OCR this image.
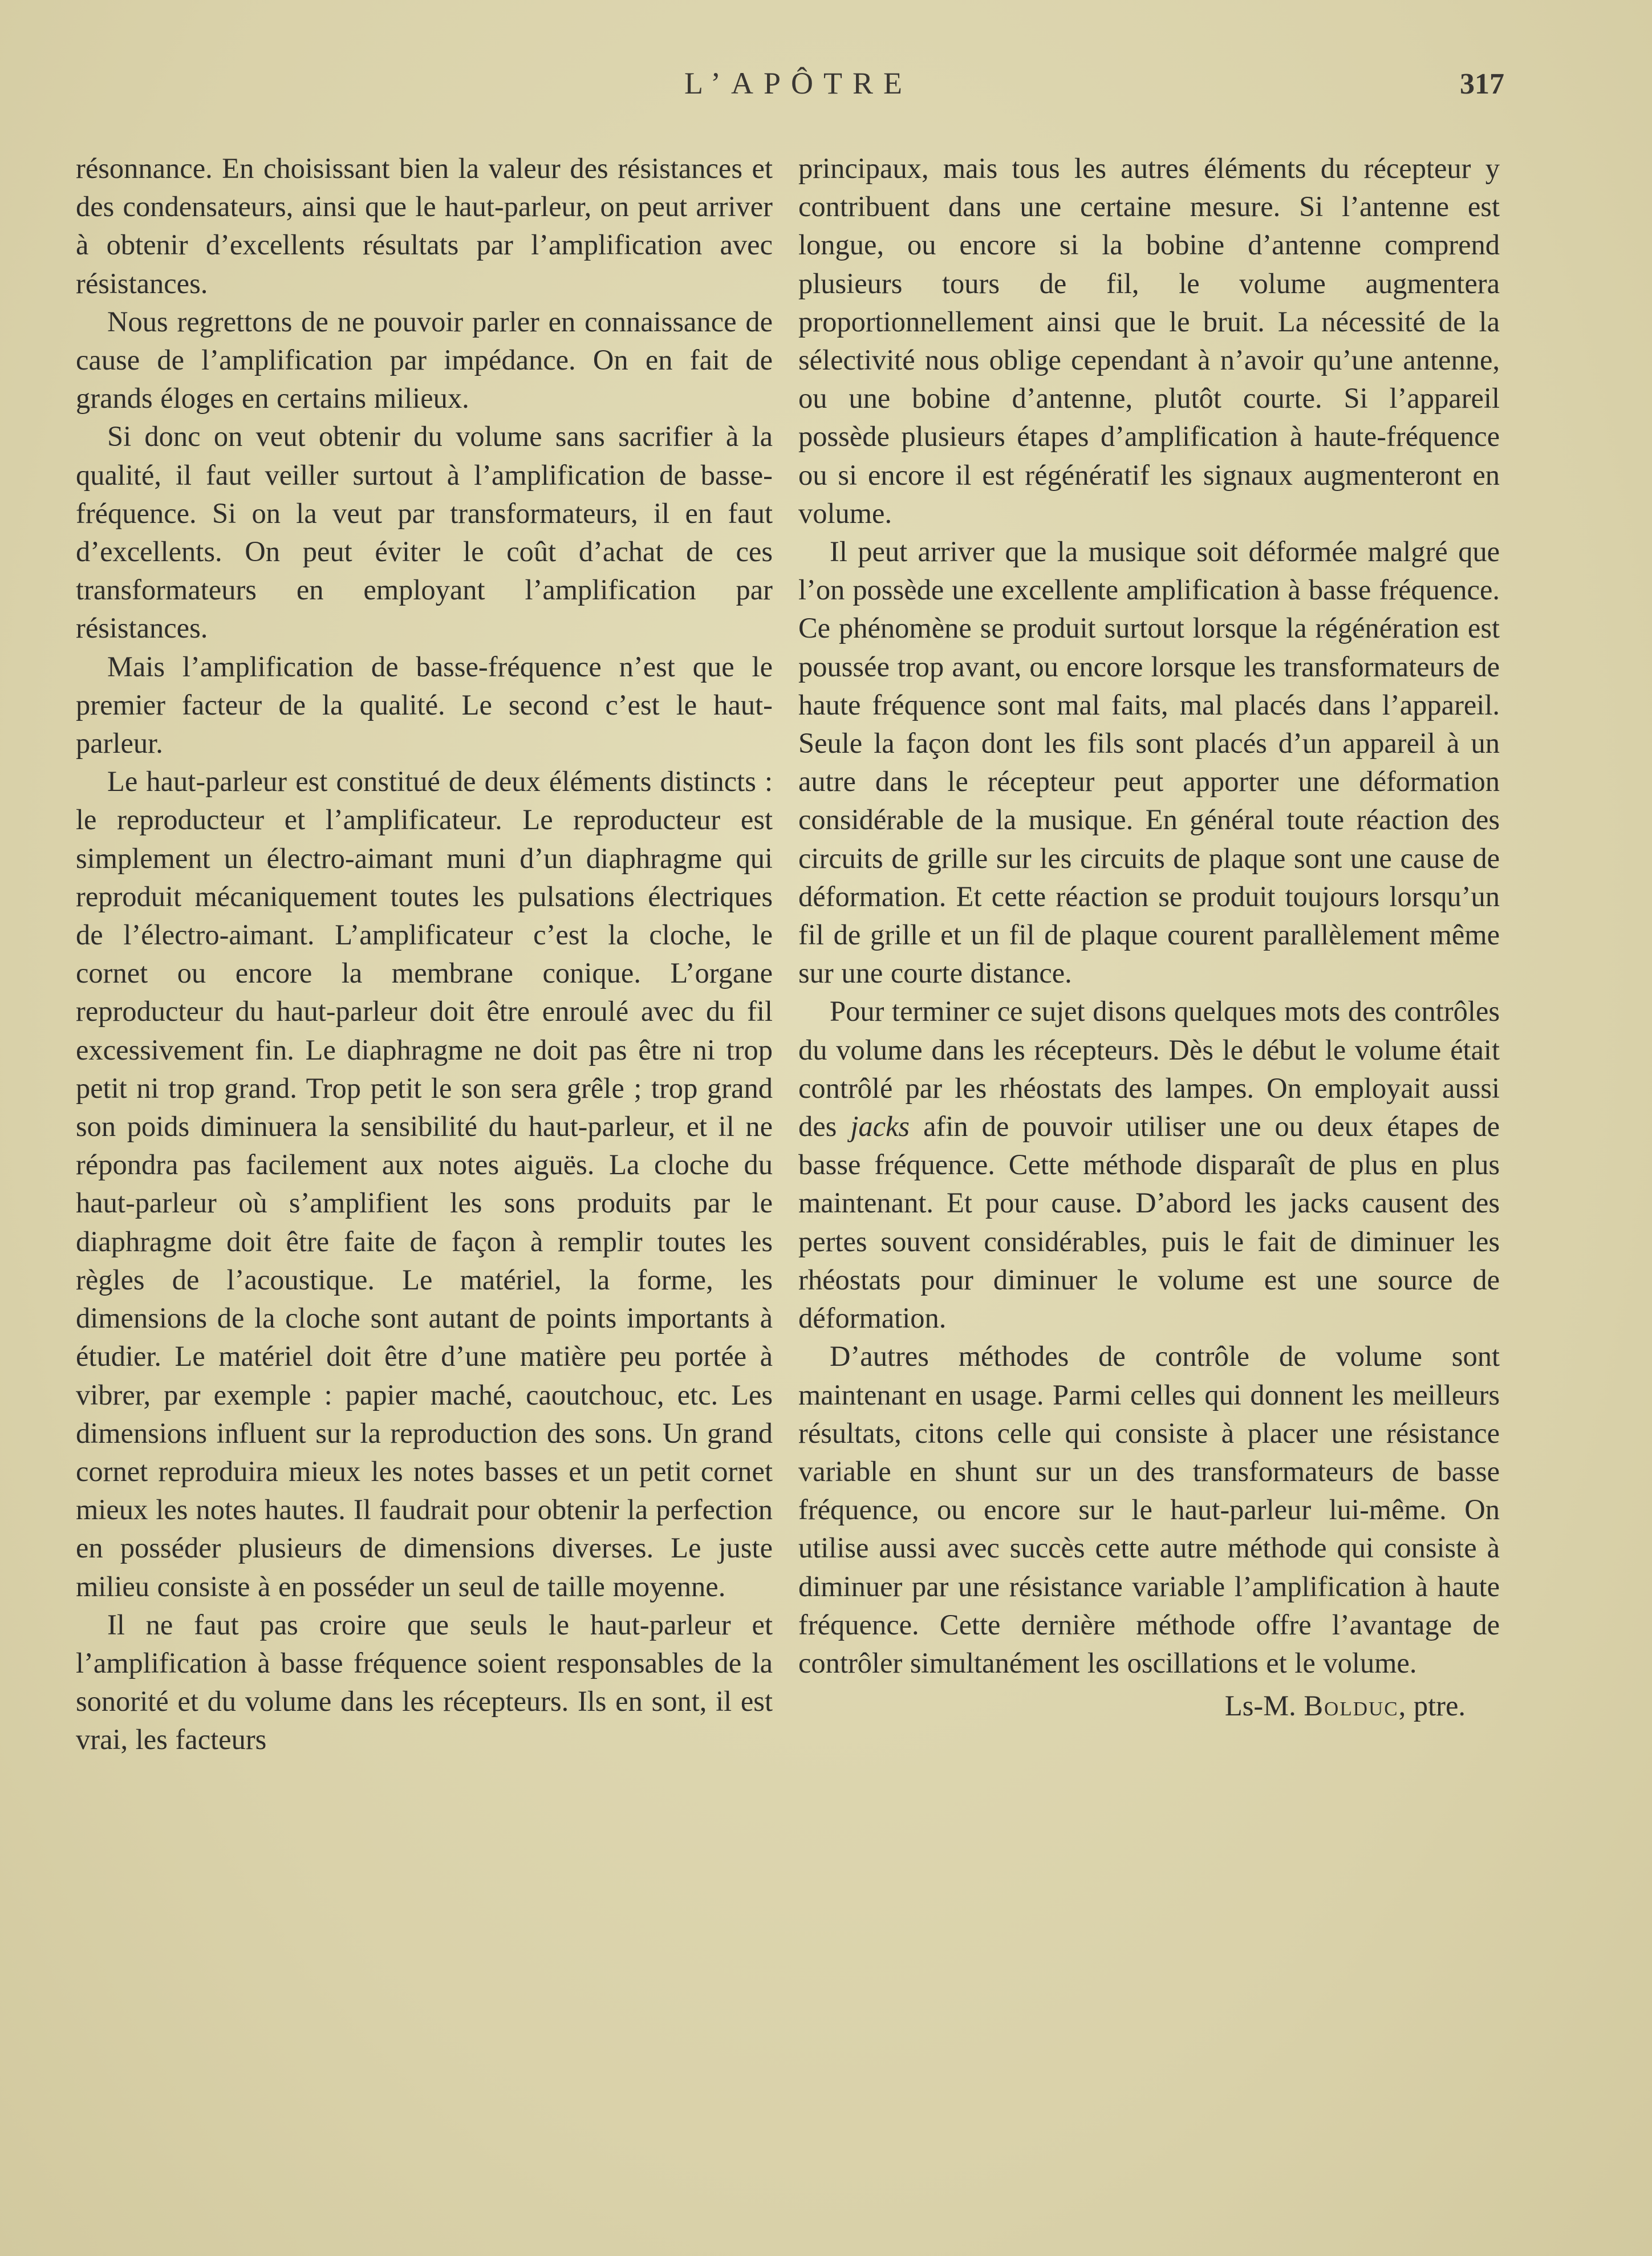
L’APÔTRE	317

résonnance. En choisissant bien la valeur des résistances et des condensateurs, ainsi que le haut-parleur, on peut arriver à obtenir d’excellents résultats par l’amplification avec résistances.

Nous regrettons de ne pouvoir parler en connaissance de cause de l’amplification par impédance. On en fait de grands éloges en certains milieux.

Si donc on veut obtenir du volume sans sacrifier à la qualité, il faut veiller surtout à l’amplification de basse-fréquence. Si on la veut par transformateurs, il en faut d’excellents. On peut éviter le coût d’achat de ces transformateurs en employant l’amplification par résistances.

Mais l’amplification de basse-fréquence n’est que le premier facteur de la qualité. Le second c’est le haut-parleur.

Le haut-parleur est constitué de deux éléments distincts : le reproducteur et l’amplificateur. Le reproducteur est simplement un électro-aimant muni d’un diaphragme qui reproduit mécaniquement toutes les pulsations électriques de l’électro-aimant. L’amplificateur c’est la cloche, le cornet ou encore la membrane conique. L’organe reproducteur du haut-parleur doit être enroulé avec du fil excessivement fin. Le diaphragme ne doit pas être ni trop petit ni trop grand. Trop petit le son sera grêle ; trop grand son poids diminuera la sensibilité du haut-parleur, et il ne répondra pas facilement aux notes aiguës. La cloche du haut-parleur où s’amplifient les sons produits par le diaphragme doit être faite de façon à remplir toutes les règles de l’acoustique. Le matériel, la forme, les dimensions de la cloche sont autant de points importants à étudier. Le matériel doit être d’une matière peu portée à vibrer, par exemple : papier maché, caoutchouc, etc. Les dimensions influent sur la reproduction des sons. Un grand cornet reproduira mieux les notes basses et un petit cornet mieux les notes hautes. Il faudrait pour obtenir la perfection en posséder plusieurs de dimensions diverses. Le juste milieu consiste à en posséder un seul de taille moyenne.

Il ne faut pas croire que seuls le haut-parleur et l’amplification à basse fréquence soient responsables de la sonorité et du volume dans les récepteurs. Ils en sont, il est vrai, les facteurs

principaux, mais tous les autres éléments du récepteur y contribuent dans une certaine mesure. Si l’antenne est longue, ou encore si la bobine d’antenne comprend plusieurs tours de fil, le volume augmentera proportionnellement ainsi que le bruit. La nécessité de la sélectivité nous oblige cependant à n’avoir qu’une antenne, ou une bobine d’antenne, plutôt courte. Si l’appareil possède plusieurs étapes d’amplification à haute-fréquence ou si encore il est régénératif les signaux augmenteront en volume.

Il peut arriver que la musique soit déformée malgré que l’on possède une excellente amplification à basse fréquence. Ce phénomène se produit surtout lorsque la régénération est poussée trop avant, ou encore lorsque les transformateurs de haute fréquence sont mal faits, mal placés dans l’appareil. Seule la façon dont les fils sont placés d’un appareil à un autre dans le récepteur peut apporter une déformation considérable de la musique. En général toute réaction des circuits de grille sur les circuits de plaque sont une cause de déformation. Et cette réaction se produit toujours lorsqu’un fil de grille et un fil de plaque courent parallèlement même sur une courte distance.

Pour terminer ce sujet disons quelques mots des contrôles du volume dans les récepteurs. Dès le début le volume était contrôlé par les rhéostats des lampes. On employait aussi des jacks afin de pouvoir utiliser une ou deux étapes de basse fréquence. Cette méthode disparaît de plus en plus maintenant. Et pour cause. D’abord les jacks causent des pertes souvent considérables, puis le fait de diminuer les rhéostats pour diminuer le volume est une source de déformation.

D’autres méthodes de contrôle de volume sont maintenant en usage. Parmi celles qui donnent les meilleurs résultats, citons celle qui consiste à placer une résistance variable en shunt sur un des transformateurs de basse fréquence, ou encore sur le haut-parleur lui-même. On utilise aussi avec succès cette autre méthode qui consiste à diminuer par une résistance variable l’amplification à haute fréquence. Cette dernière méthode offre l’avantage de contrôler simultanément les oscillations et le volume.

Ls-M. Bolduc, ptre.
